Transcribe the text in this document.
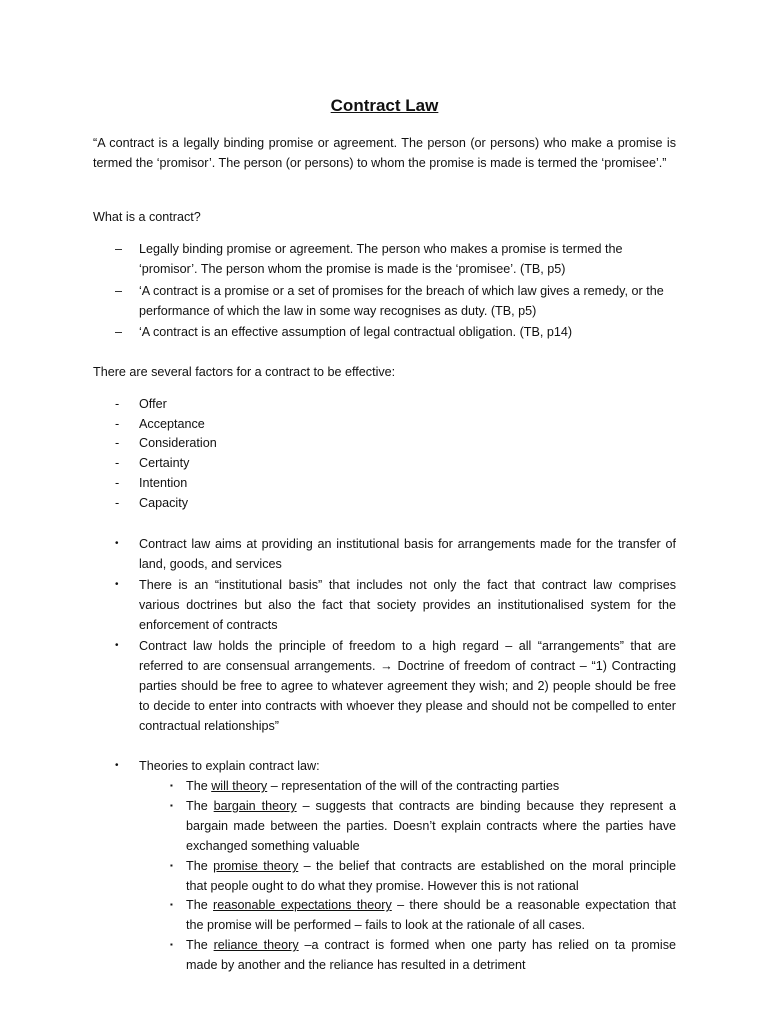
Contract Law
“A contract is a legally binding promise or agreement. The person (or persons) who make a promise is termed the ‘promisor’. The person (or persons) to whom the promise is made is termed the ‘promisee’.”
What is a contract?
–	Legally binding promise or agreement. The person who makes a promise is termed the ‘promisor’. The person whom the promise is made is the ‘promisee’. (TB, p5)
–	‘A contract is a promise or a set of promises for the breach of which law gives a remedy, or the performance of which the law in some way recognises as duty. (TB, p5)
–	‘A contract is an effective assumption of legal contractual obligation. (TB, p14)
There are several factors for a contract to be effective:
-	Offer
-	Acceptance
-	Consideration
-	Certainty
-	Intention
-	Capacity
•	Contract law aims at providing an institutional basis for arrangements made for the transfer of land, goods, and services
•	There is an “institutional basis” that includes not only the fact that contract law comprises various doctrines but also the fact that society provides an institutionalised system for the enforcement of contracts
•	Contract law holds the principle of freedom to a high regard – all “arrangements” that are referred to are consensual arrangements. → Doctrine of freedom of contract – “1) Contracting parties should be free to agree to whatever agreement they wish; and 2) people should be free to decide to enter into contracts with whoever they please and should not be compelled to enter contractual relationships”
•	Theories to explain contract law:
▪	The will theory – representation of the will of the contracting parties
▪	The bargain theory – suggests that contracts are binding because they represent a bargain made between the parties. Doesn’t explain contracts where the parties have exchanged something valuable
▪	The promise theory – the belief that contracts are established on the moral principle that people ought to do what they promise. However this is not rational
▪	The reasonable expectations theory – there should be a reasonable expectation that the promise will be performed – fails to look at the rationale of all cases.
▪	The reliance theory –a contract is formed when one party has relied on ta promise made by another and the reliance has resulted in a detriment
